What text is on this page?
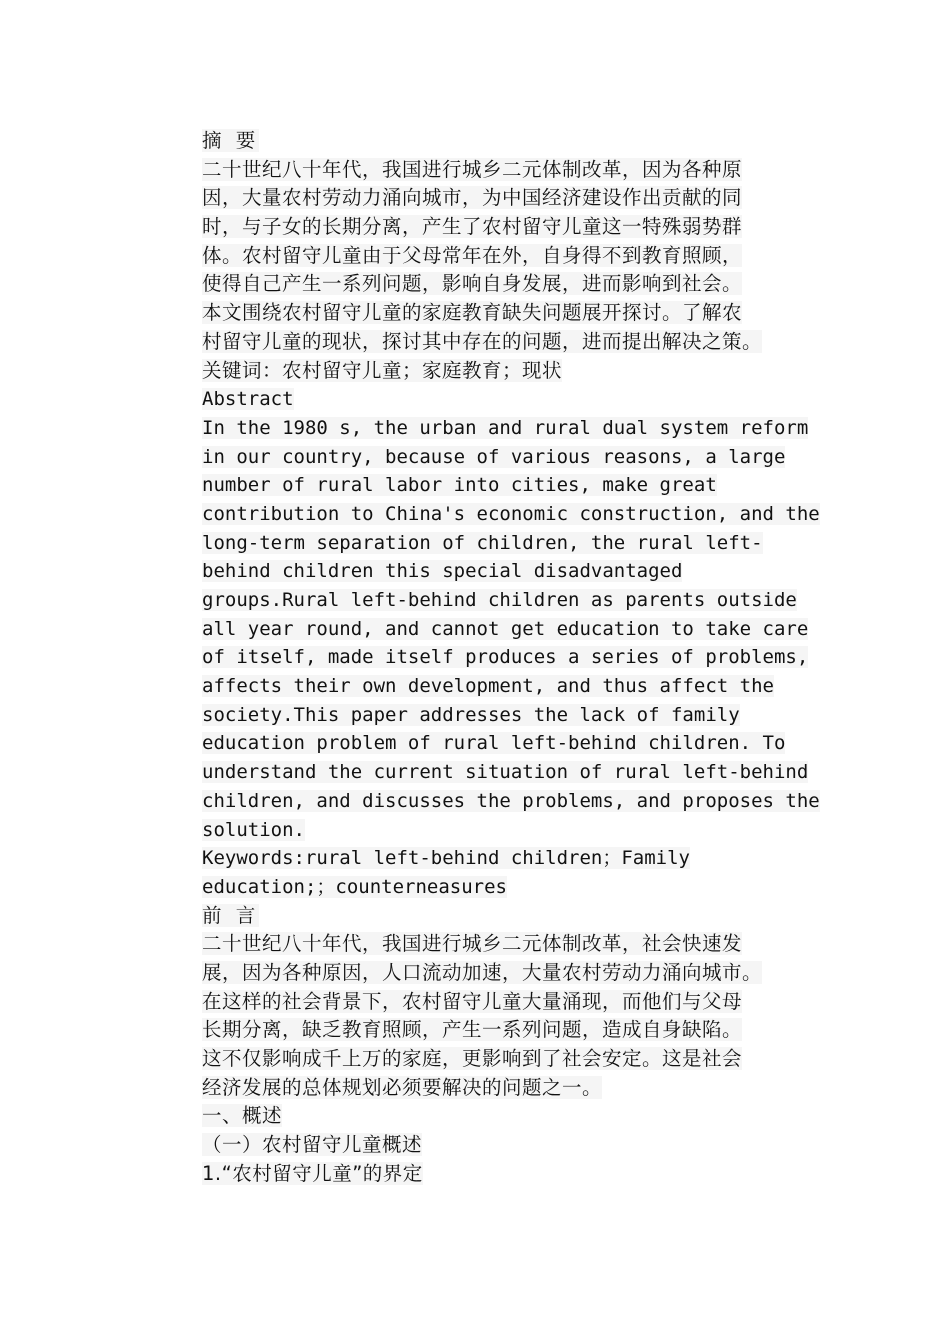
摘 要
二十世纪八十年代，我国进行城乡二元体制改革，因为各种原
因，大量农村劳动力涌向城市，为中国经济建设作出贡献的同
时，与子女的长期分离，产生了农村留守儿童这一特殊弱势群
体。农村留守儿童由于父母常年在外，自身得不到教育照顾，
使得自己产生一系列问题，影响自身发展，进而影响到社会。
本文围绕农村留守儿童的家庭教育缺失问题展开探讨。了解农
村留守儿童的现状，探讨其中存在的问题，进而提出解决之策。
关键词：农村留守儿童；家庭教育；现状
Abstract
In the 1980 s, the urban and rural dual system reform
in our country, because of various reasons, a large
number of rural labor into cities, make great
contribution to China's economic construction, and the
long-term separation of children, the rural left-
behind children this special disadvantaged
groups.Rural left-behind children as parents outside
all year round, and cannot get education to take care
of itself, made itself produces a series of problems,
affects their own development, and thus affect the
society.This paper addresses the lack of family
education problem of rural left-behind children. To
understand the current situation of rural left-behind
children, and discusses the problems, and proposes the
solution.
Keywords:rural left-behind children；Family
education;；counterneasures
前 言
二十世纪八十年代，我国进行城乡二元体制改革，社会快速发
展，因为各种原因，人口流动加速，大量农村劳动力涌向城市。
在这样的社会背景下，农村留守儿童大量涌现，而他们与父母
长期分离，缺乏教育照顾，产生一系列问题，造成自身缺陷。
这不仅影响成千上万的家庭，更影响到了社会安定。这是社会
经济发展的总体规划必须要解决的问题之一。
一、概述
（一）农村留守儿童概述
1.“农村留守儿童”的界定
